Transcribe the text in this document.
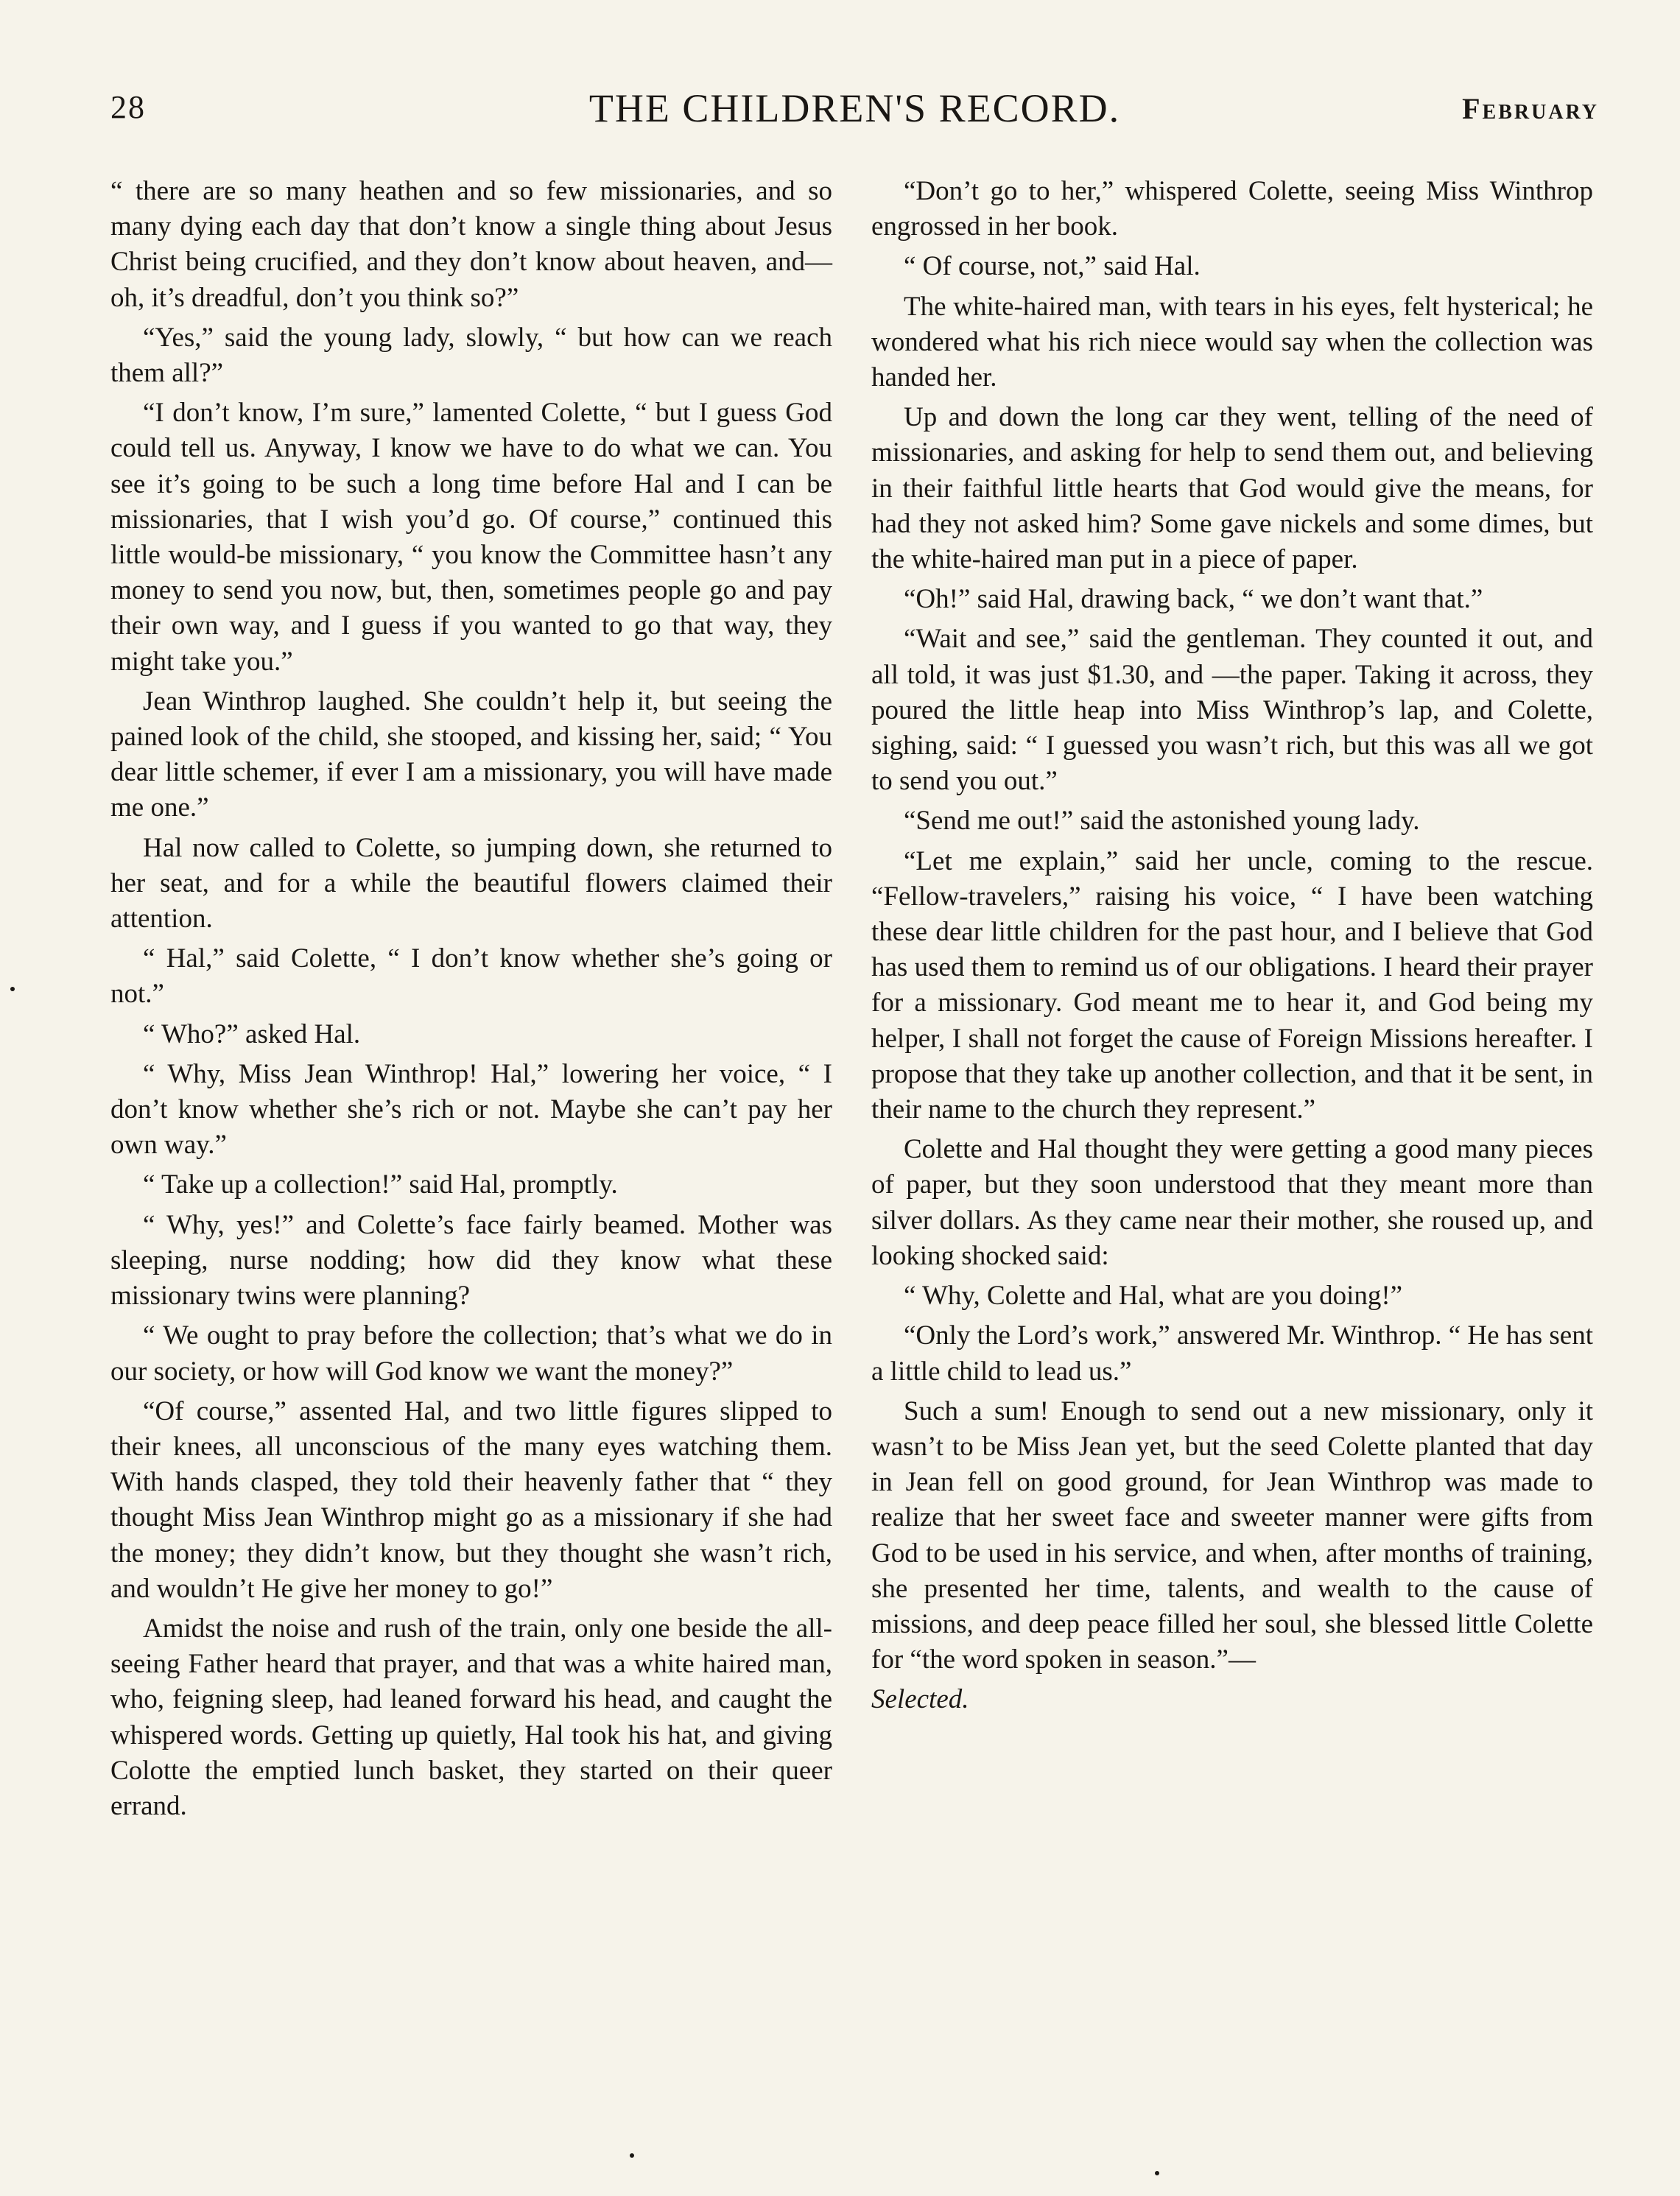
28	THE CHILDREN'S RECORD.	February

“ there are so many heathen and so few missionaries, and so many dying each day that don’t know a single thing about Jesus Christ being crucified, and they don’t know about heaven, and—oh, it’s dreadful, don’t you think so?”

“Yes,” said the young lady, slowly, “ but how can we reach them all?”

“I don’t know, I’m sure,” lamented Colette, “ but I guess God could tell us. Anyway, I know we have to do what we can. You see it’s going to be such a long time before Hal and I can be missionaries, that I wish you’d go. Of course,” continued this little would-be missionary, “ you know the Committee hasn’t any money to send you now, but, then, sometimes people go and pay their own way, and I guess if you wanted to go that way, they might take you.”

Jean Winthrop laughed. She couldn’t help it, but seeing the pained look of the child, she stooped, and kissing her, said; “ You dear little schemer, if ever I am a missionary, you will have made me one.”

Hal now called to Colette, so jumping down, she returned to her seat, and for a while the beautiful flowers claimed their attention.

“ Hal,” said Colette, “ I don’t know whether she’s going or not.”

“ Who?” asked Hal.

“ Why, Miss Jean Winthrop! Hal,” lowering her voice, “ I don’t know whether she’s rich or not. Maybe she can’t pay her own way.”

“ Take up a collection!” said Hal, promptly.

“ Why, yes!” and Colette’s face fairly beamed. Mother was sleeping, nurse nodding; how did they know what these missionary twins were planning?

“ We ought to pray before the collection; that’s what we do in our society, or how will God know we want the money?”

“Of course,” assented Hal, and two little figures slipped to their knees, all unconscious of the many eyes watching them. With hands clasped, they told their heavenly father that “ they thought Miss Jean Winthrop might go as a missionary if she had the money; they didn’t know, but they thought she wasn’t rich, and wouldn’t He give her money to go!”

Amidst the noise and rush of the train, only one beside the all-seeing Father heard that prayer, and that was a white haired man, who, feigning sleep, had leaned forward his head, and caught the whispered words. Getting up quietly, Hal took his hat, and giving Colotte the emptied lunch basket, they started on their queer errand.

“Don’t go to her,” whispered Colette, seeing Miss Winthrop engrossed in her book.

“ Of course, not,” said Hal.

The white-haired man, with tears in his eyes, felt hysterical; he wondered what his rich niece would say when the collection was handed her.

Up and down the long car they went, telling of the need of missionaries, and asking for help to send them out, and believing in their faithful little hearts that God would give the means, for had they not asked him? Some gave nickels and some dimes, but the white-haired man put in a piece of paper.

“Oh!” said Hal, drawing back, “ we don’t want that.”

“Wait and see,” said the gentleman. They counted it out, and all told, it was just $1.30, and —the paper. Taking it across, they poured the little heap into Miss Winthrop’s lap, and Colette, sighing, said: “ I guessed you wasn’t rich, but this was all we got to send you out.”

“Send me out!” said the astonished young lady.

“Let me explain,” said her uncle, coming to the rescue. “Fellow-travelers,” raising his voice, “ I have been watching these dear little children for the past hour, and I believe that God has used them to remind us of our obligations. I heard their prayer for a missionary. God meant me to hear it, and God being my helper, I shall not forget the cause of Foreign Missions hereafter. I propose that they take up another collection, and that it be sent, in their name to the church they represent.”

Colette and Hal thought they were getting a good many pieces of paper, but they soon understood that they meant more than silver dollars. As they came near their mother, she roused up, and looking shocked said:

“ Why, Colette and Hal, what are you doing!”

“Only the Lord’s work,” answered Mr. Winthrop. “ He has sent a little child to lead us.”

Such a sum! Enough to send out a new missionary, only it wasn’t to be Miss Jean yet, but the seed Colette planted that day in Jean fell on good ground, for Jean Winthrop was made to realize that her sweet face and sweeter manner were gifts from God to be used in his service, and when, after months of training, she presented her time, talents, and wealth to the cause of missions, and deep peace filled her soul, she blessed little Colette for “the word spoken in season.”—

Selected.
